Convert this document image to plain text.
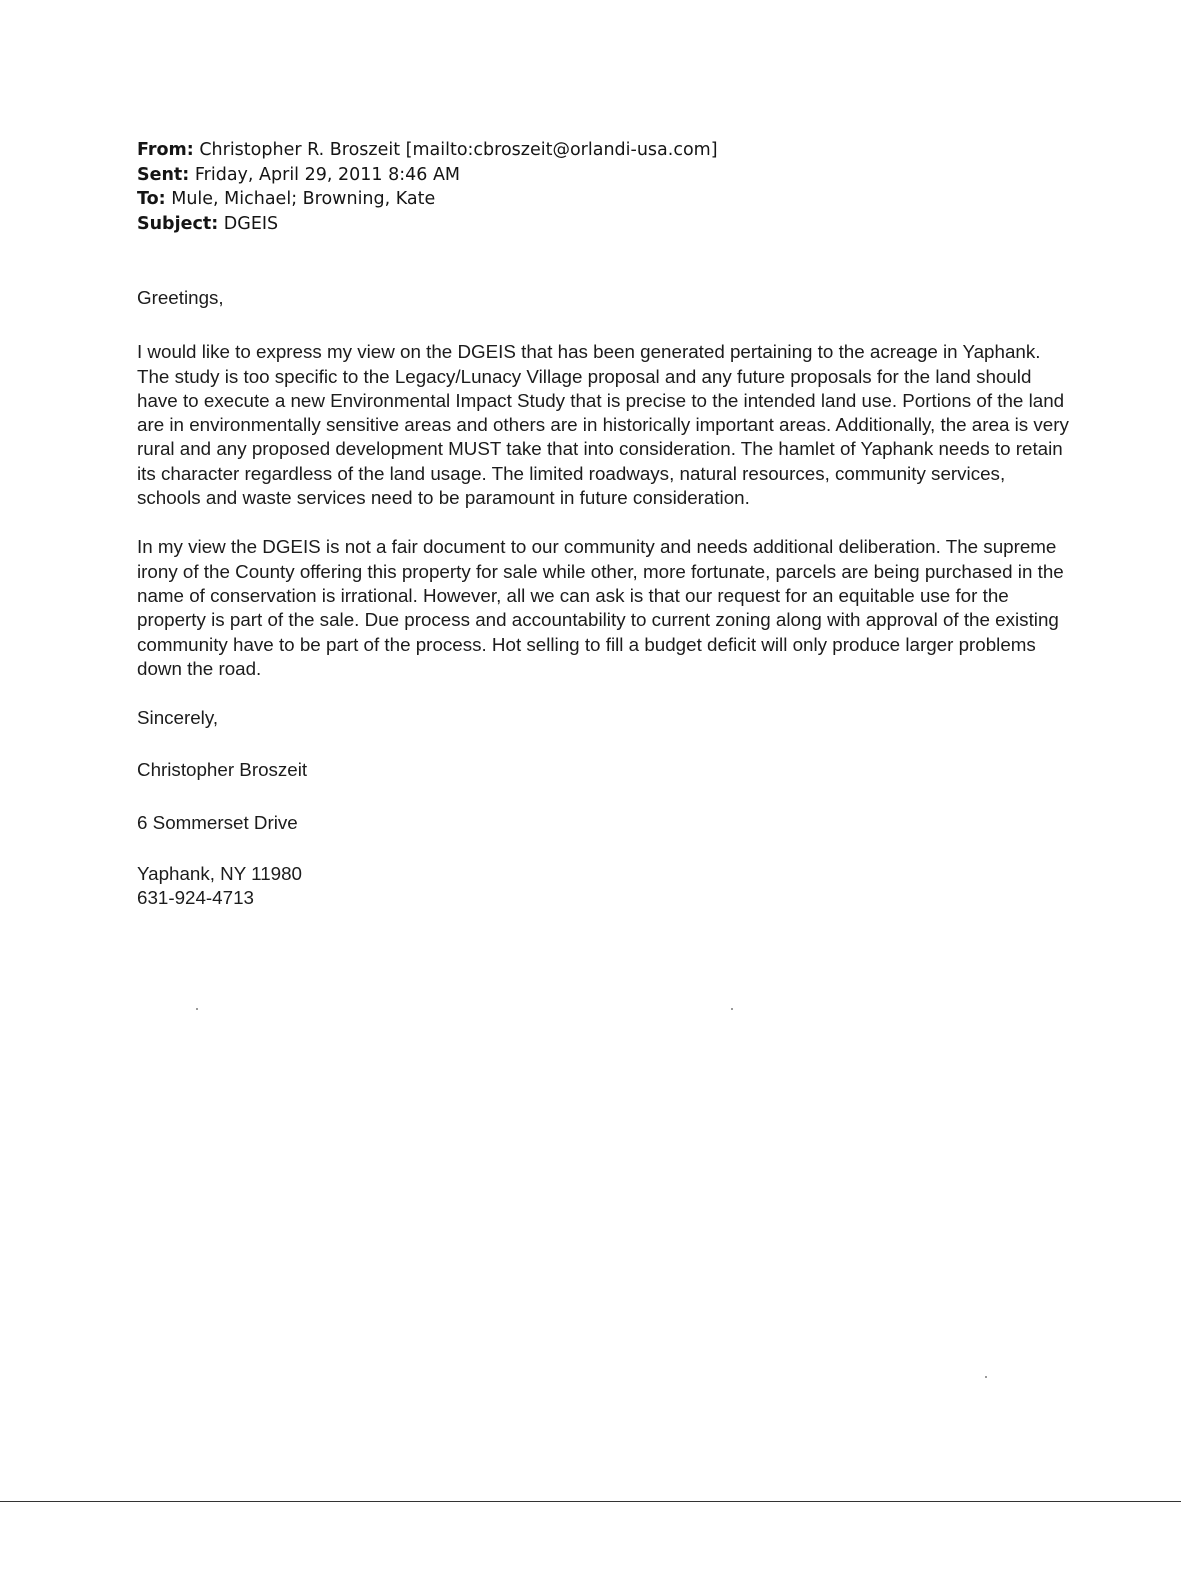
From: Christopher R. Broszeit [mailto:cbroszeit@orlandi-usa.com]
Sent: Friday, April 29, 2011 8:46 AM
To: Mule, Michael; Browning, Kate
Subject: DGEIS

Greetings,

I would like to express my view on the DGEIS that has been generated pertaining to the acreage in Yaphank. The study is too specific to the Legacy/Lunacy Village proposal and any future proposals for the land should have to execute a new Environmental Impact Study that is precise to the intended land use. Portions of the land are in environmentally sensitive areas and others are in historically important areas. Additionally, the area is very rural and any proposed development MUST take that into consideration. The hamlet of Yaphank needs to retain its character regardless of the land usage. The limited roadways, natural resources, community services, schools and waste services need to be paramount in future consideration.

In my view the DGEIS is not a fair document to our community and needs additional deliberation. The supreme irony of the County offering this property for sale while other, more fortunate, parcels are being purchased in the name of conservation is irrational. However, all we can ask is that our request for an equitable use for the property is part of the sale. Due process and accountability to current zoning along with approval of the existing community have to be part of the process. Hot selling to fill a budget deficit will only produce larger problems down the road.

Sincerely,

Christopher Broszeit

6 Sommerset Drive

Yaphank, NY 11980
631-924-4713
